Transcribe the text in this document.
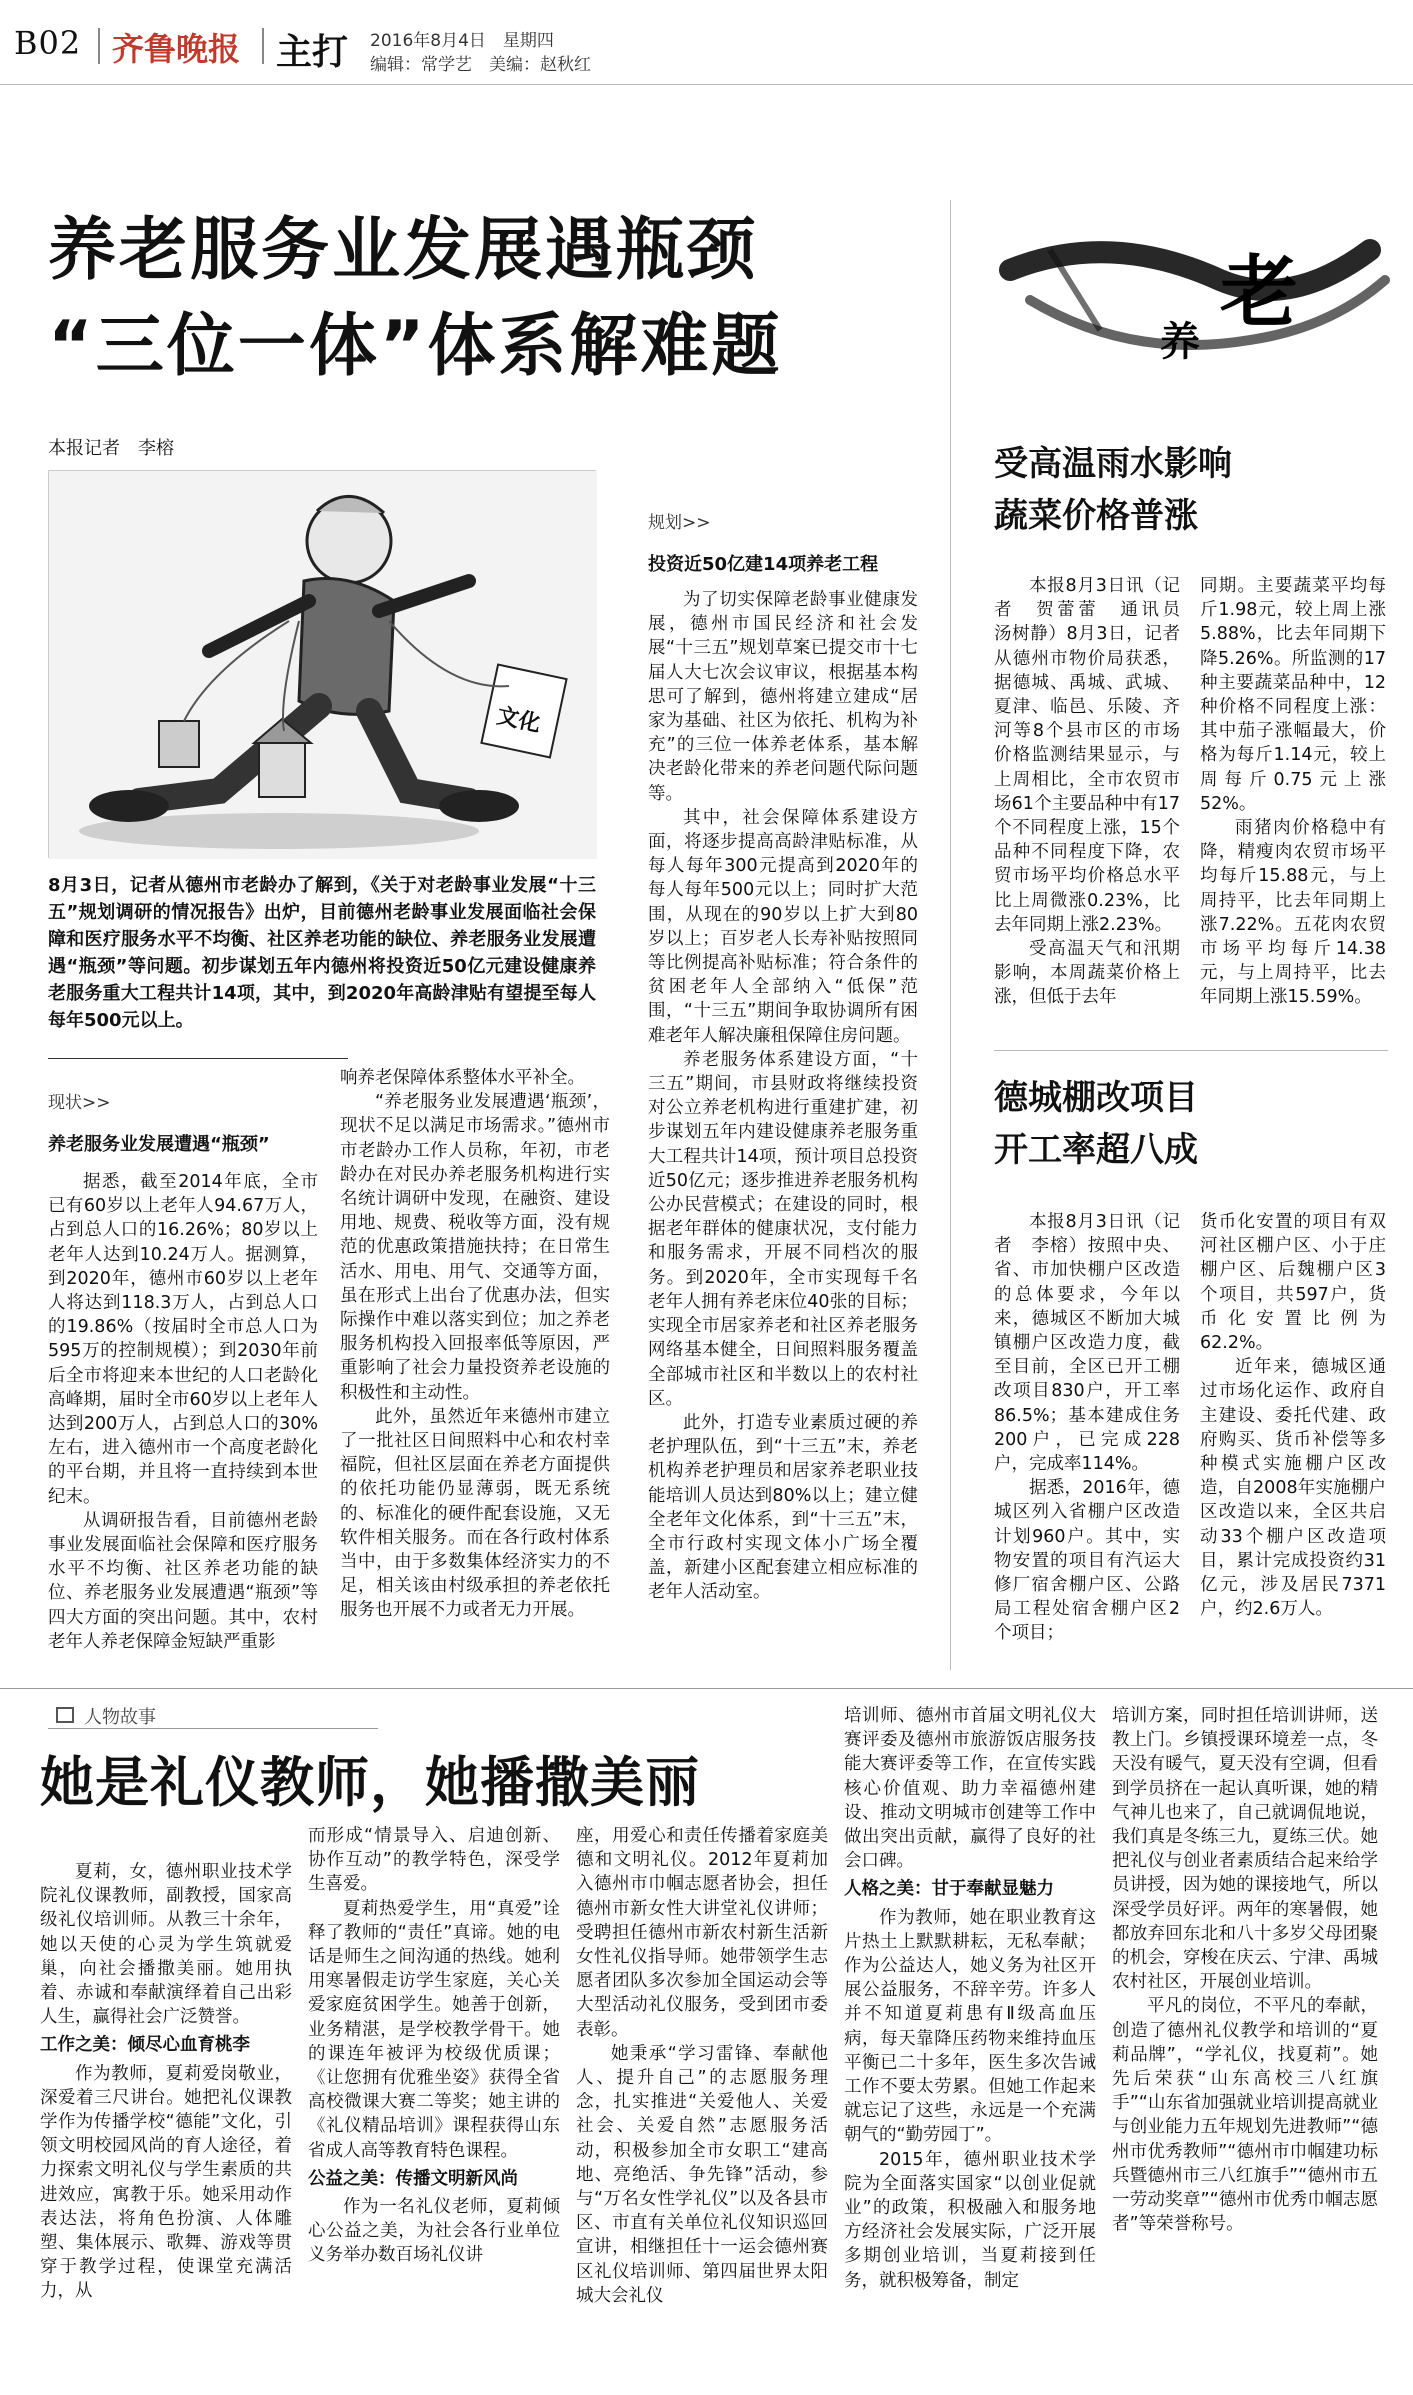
B02 齐鲁晚报 主打 2016年8月4日　星期四
编辑：常学艺　美编：赵秋红
养老服务业发展遇瓶颈
“三位一体”体系解难题
本报记者　李榕
文化
8月3日，记者从德州市老龄办了解到，《关于对老龄事业发展“十三五”规划调研的情况报告》出炉，目前德州老龄事业发展面临社会保障和医疗服务水平不均衡、社区养老功能的缺位、养老服务业发展遭遇“瓶颈”等问题。初步谋划五年内德州将投资近50亿元建设健康养老服务重大工程共计14项，其中，到2020年高龄津贴有望提至每人每年500元以上。
现状>>
养老服务业发展遭遇“瓶颈”

据悉，截至2014年底，全市已有60岁以上老年人94.67万人，占到总人口的16.26%；80岁以上老年人达到10.24万人。据测算，到2020年，德州市60岁以上老年人将达到118.3万人，占到总人口的19.86%（按届时全市总人口为595万的控制规模）；到2030年前后全市将迎来本世纪的人口老龄化高峰期，届时全市60岁以上老年人达到200万人，占到总人口的30%左右，进入德州市一个高度老龄化的平台期，并且将一直持续到本世纪末。

从调研报告看，目前德州老龄事业发展面临社会保障和医疗服务水平不均衡、社区养老功能的缺位、养老服务业发展遭遇“瓶颈”等四大方面的突出问题。其中，农村老年人养老保障金短缺严重影

响养老保障体系整体水平补全。

“养老服务业发展遭遇‘瓶颈’，现状不足以满足市场需求。”德州市市老龄办工作人员称，年初，市老龄办在对民办养老服务机构进行实名统计调研中发现，在融资、建设用地、规费、税收等方面，没有规范的优惠政策措施扶持；在日常生活水、用电、用气、交通等方面，虽在形式上出台了优惠办法，但实际操作中难以落实到位；加之养老服务机构投入回报率低等原因，严重影响了社会力量投资养老设施的积极性和主动性。

此外，虽然近年来德州市建立了一批社区日间照料中心和农村幸福院，但社区层面在养老方面提供的依托功能仍显薄弱，既无系统的、标准化的硬件配套设施，又无软件相关服务。而在各行政村体系当中，由于多数集体经济实力的不足，相关该由村级承担的养老依托服务也开展不力或者无力开展。

规划>>
投资近50亿建14项养老工程

为了切实保障老龄事业健康发展，德州市国民经济和社会发展“十三五”规划草案已提交市十七届人大七次会议审议，根据基本构思可了解到，德州将建立建成“居家为基础、社区为依托、机构为补充”的三位一体养老体系，基本解决老龄化带来的养老问题代际问题等。

其中，社会保障体系建设方面，将逐步提高高龄津贴标准，从每人每年300元提高到2020年的每人每年500元以上；同时扩大范围，从现在的90岁以上扩大到80岁以上；百岁老人长寿补贴按照同等比例提高补贴标准；符合条件的贫困老年人全部纳入“低保”范围，“十三五”期间争取协调所有困难老年人解决廉租保障住房问题。

养老服务体系建设方面，“十三五”期间，市县财政将继续投资对公立养老机构进行重建扩建，初步谋划五年内建设健康养老服务重大工程共计14项，预计项目总投资近50亿元；逐步推进养老服务机构公办民营模式；在建设的同时，根据老年群体的健康状况，支付能力和服务需求，开展不同档次的服务。到2020年，全市实现每千名老年人拥有养老床位40张的目标；实现全市居家养老和社区养老服务网络基本健全，日间照料服务覆盖全部城市社区和半数以上的农村社区。

此外，打造专业素质过硬的养老护理队伍，到“十三五”末，养老机构养老护理员和居家养老职业技能培训人员达到80%以上；建立健全老年文化体系，到“十三五”末，全市行政村实现文体小广场全覆盖，新建小区配套建立相应标准的老年人活动室。

老
养
受高温雨水影响
蔬菜价格普涨

本报8月3日讯（记者　贺蕾蕾　通讯员　汤树静）8月3日，记者从德州市物价局获悉，据德城、禹城、武城、夏津、临邑、乐陵、齐河等8个县市区的市场价格监测结果显示，与上周相比，全市农贸市场61个主要品种中有17个不同程度上涨，15个品种不同程度下降，农贸市场平均价格总水平比上周微涨0.23%，比去年同期上涨2.23%。

受高温天气和汛期影响，本周蔬菜价格上涨，但低于去年

同期。主要蔬菜平均每斤1.98元，较上周上涨5.88%，比去年同期下降5.26%。所监测的17种主要蔬菜品种中，12种价格不同程度上涨：其中茄子涨幅最大，价格为每斤1.14元，较上周每斤0.75元上涨52%。

雨猪肉价格稳中有降，精瘦肉农贸市场平均每斤15.88元，与上周持平，比去年同期上涨7.22%。五花肉农贸市场平均每斤14.38元，与上周持平，比去年同期上涨15.59%。

德城棚改项目
开工率超八成

本报8月3日讯（记者　李榕）按照中央、省、市加快棚户区改造的总体要求，今年以来，德城区不断加大城镇棚户区改造力度，截至目前，全区已开工棚改项目830户，开工率86.5%；基本建成住务200户，已完成228户，完成率114%。

据悉，2016年，德城区列入省棚户区改造计划960户。其中，实物安置的项目有汽运大修厂宿舍棚户区、公路局工程处宿舍棚户区2个项目；

货币化安置的项目有双河社区棚户区、小于庄棚户区、后魏棚户区3个项目，共597户，货币化安置比例为62.2%。

近年来，德城区通过市场化运作、政府自主建设、委托代建、政府购买、货币补偿等多种模式实施棚户区改造，自2008年实施棚户区改造以来，全区共启动33个棚户区改造项目，累计完成投资约31亿元，涉及居民7371户，约2.6万人。

人物故事
她是礼仪教师，她播撒美丽

夏莉，女，德州职业技术学院礼仪课教师，副教授，国家高级礼仪培训师。从教三十余年，她以天使的心灵为学生筑就爱巢，向社会播撒美丽。她用执着、赤诚和奉献演绎着自己出彩人生，赢得社会广泛赞誉。

工作之美：倾尽心血育桃李

作为教师，夏莉爱岗敬业，深爱着三尺讲台。她把礼仪课教学作为传播学校“德能”文化，引领文明校园风尚的育人途径，着力探索文明礼仪与学生素质的共进效应，寓教于乐。她采用动作表达法，将角色扮演、人体雕塑、集体展示、歌舞、游戏等贯穿于教学过程，使课堂充满活力，从

而形成“情景导入、启迪创新、协作互动”的教学特色，深受学生喜爱。

夏莉热爱学生，用“真爱”诠释了教师的“责任”真谛。她的电话是师生之间沟通的热线。她利用寒暑假走访学生家庭，关心关爱家庭贫困学生。她善于创新，业务精湛，是学校教学骨干。她的课连年被评为校级优质课；《让您拥有优雅坐姿》获得全省高校微课大赛二等奖；她主讲的《礼仪精品培训》课程获得山东省成人高等教育特色课程。

公益之美：传播文明新风尚

作为一名礼仪老师，夏莉倾心公益之美，为社会各行业单位义务举办数百场礼仪讲

座，用爱心和责任传播着家庭美德和文明礼仪。2012年夏莉加入德州市巾帼志愿者协会，担任德州市新女性大讲堂礼仪讲师；受聘担任德州市新农村新生活新女性礼仪指导师。她带领学生志愿者团队多次参加全国运动会等大型活动礼仪服务，受到团市委表彰。

她秉承“学习雷锋、奉献他人、提升自己”的志愿服务理念，扎实推进“关爱他人、关爱社会、关爱自然”志愿服务活动，积极参加全市女职工“建高地、亮绝活、争先锋”活动，参与“万名女性学礼仪”以及各县市区、市直有关单位礼仪知识巡回宣讲，相继担任十一运会德州赛区礼仪培训师、第四届世界太阳城大会礼仪

培训师、德州市首届文明礼仪大赛评委及德州市旅游饭店服务技能大赛评委等工作，在宣传实践核心价值观、助力幸福德州建设、推动文明城市创建等工作中做出突出贡献，赢得了良好的社会口碑。

人格之美：甘于奉献显魅力

作为教师，她在职业教育这片热土上默默耕耘，无私奉献；作为公益达人，她义务为社区开展公益服务，不辞辛劳。许多人并不知道夏莉患有Ⅱ级高血压病，每天靠降压药物来维持血压平衡已二十多年，医生多次告诫工作不要太劳累。但她工作起来就忘记了这些，永远是一个充满朝气的“勤劳园丁”。

2015年，德州职业技术学院为全面落实国家“以创业促就业”的政策，积极融入和服务地方经济社会发展实际，广泛开展多期创业培训，当夏莉接到任务，就积极筹备，制定

培训方案，同时担任培训讲师，送教上门。乡镇授课环境差一点，冬天没有暖气，夏天没有空调，但看到学员挤在一起认真听课，她的精气神儿也来了，自己就调侃地说，我们真是冬练三九，夏练三伏。她把礼仪与创业者素质结合起来给学员讲授，因为她的课接地气，所以深受学员好评。两年的寒暑假，她都放弃回东北和八十多岁父母团聚的机会，穿梭在庆云、宁津、禹城农村社区，开展创业培训。

平凡的岗位，不平凡的奉献，创造了德州礼仪教学和培训的“夏莉品牌”，“学礼仪，找夏莉”。她先后荣获“山东高校三八红旗手”“山东省加强就业培训提高就业与创业能力五年规划先进教师”“德州市优秀教师”“德州市巾帼建功标兵暨德州市三八红旗手”“德州市五一劳动奖章”“德州市优秀巾帼志愿者”等荣誉称号。
